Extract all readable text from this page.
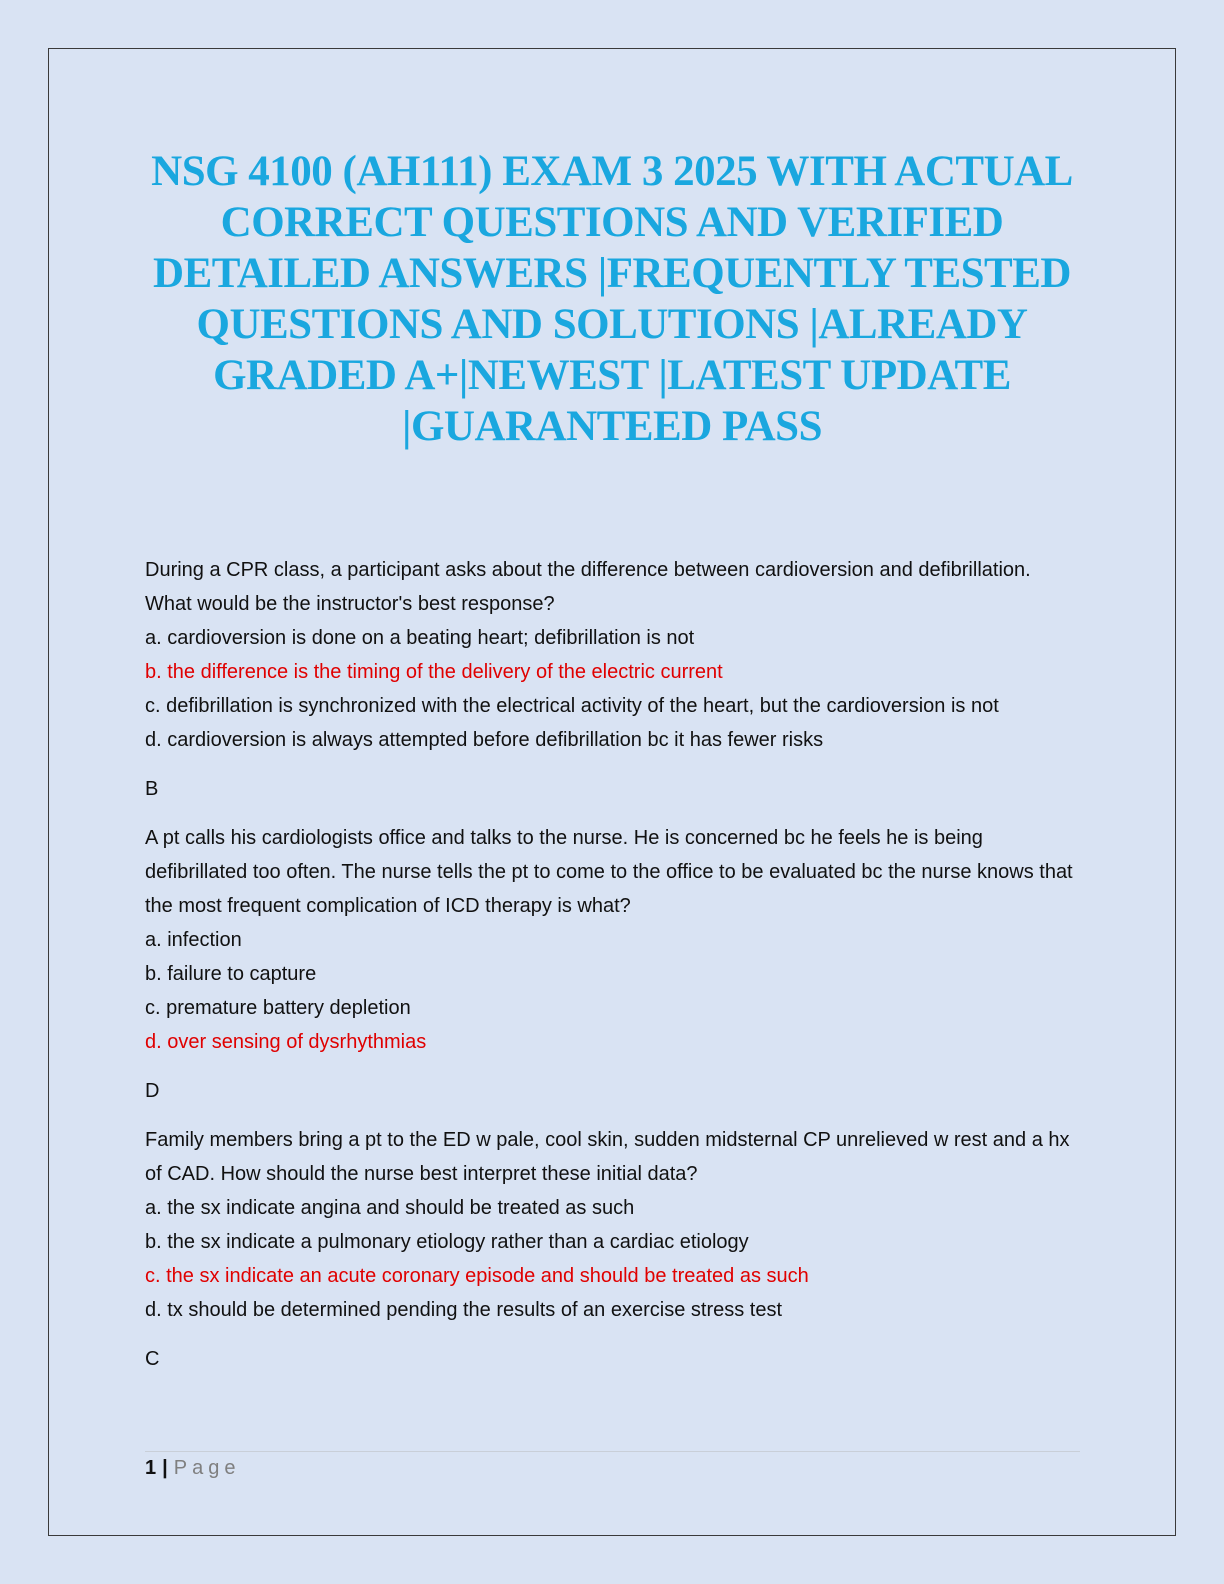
NSG 4100 (AH111) EXAM 3 2025 WITH ACTUAL CORRECT QUESTIONS AND VERIFIED DETAILED ANSWERS |FREQUENTLY TESTED QUESTIONS AND SOLUTIONS |ALREADY GRADED A+|NEWEST |LATEST UPDATE |GUARANTEED PASS

During a CPR class, a participant asks about the difference between cardioversion and defibrillation. What would be the instructor's best response?

a. cardioversion is done on a beating heart; defibrillation is not

b. the difference is the timing of the delivery of the electric current

c. defibrillation is synchronized with the electrical activity of the heart, but the cardioversion is not

d. cardioversion is always attempted before defibrillation bc it has fewer risks

B

A pt calls his cardiologists office and talks to the nurse. He is concerned bc he feels he is being defibrillated too often. The nurse tells the pt to come to the office to be evaluated bc the nurse knows that the most frequent complication of ICD therapy is what?

a. infection

b. failure to capture

c. premature battery depletion

d. over sensing of dysrhythmias

D

Family members bring a pt to the ED w pale, cool skin, sudden midsternal CP unrelieved w rest and a hx of CAD. How should the nurse best interpret these initial data?

a. the sx indicate angina and should be treated as such

b. the sx indicate a pulmonary etiology rather than a cardiac etiology

c. the sx indicate an acute coronary episode and should be treated as such

d. tx should be determined pending the results of an exercise stress test

C

1 | Page
